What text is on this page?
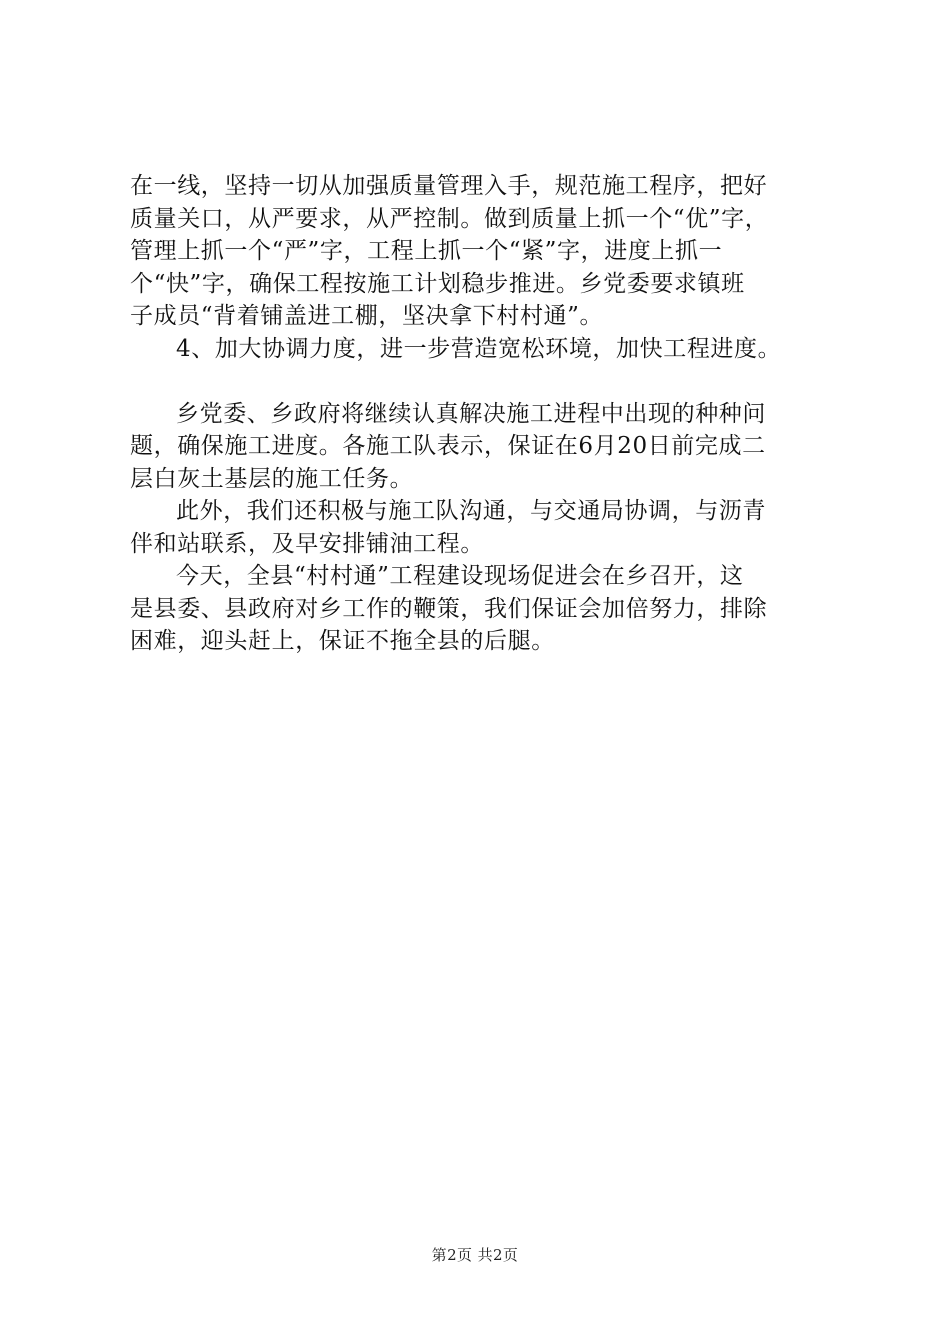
在一线，坚持一切从加强质量管理入手，规范施工程序，把好
质量关口，从严要求，从严控制。做到质量上抓一个“优”字，
管理上抓一个“严”字，工程上抓一个“紧”字，进度上抓一
个“快”字，确保工程按施工计划稳步推进。乡党委要求镇班
子成员“背着铺盖进工棚，坚决拿下村村通”。

4、加大协调力度，进一步营造宽松环境，加快工程进度。

乡党委、乡政府将继续认真解决施工进程中出现的种种问

题，确保施工进度。各施工队表示，保证在6月20日前完成二
层白灰土基层的施工任务。

此外，我们还积极与施工队沟通，与交通局协调，与沥青

伴和站联系，及早安排铺油工程。

今天，全县“村村通”工程建设现场促进会在乡召开，这

是县委、县政府对乡工作的鞭策，我们保证会加倍努力，排除
困难，迎头赶上，保证不拖全县的后腿。

第2页 共2页
